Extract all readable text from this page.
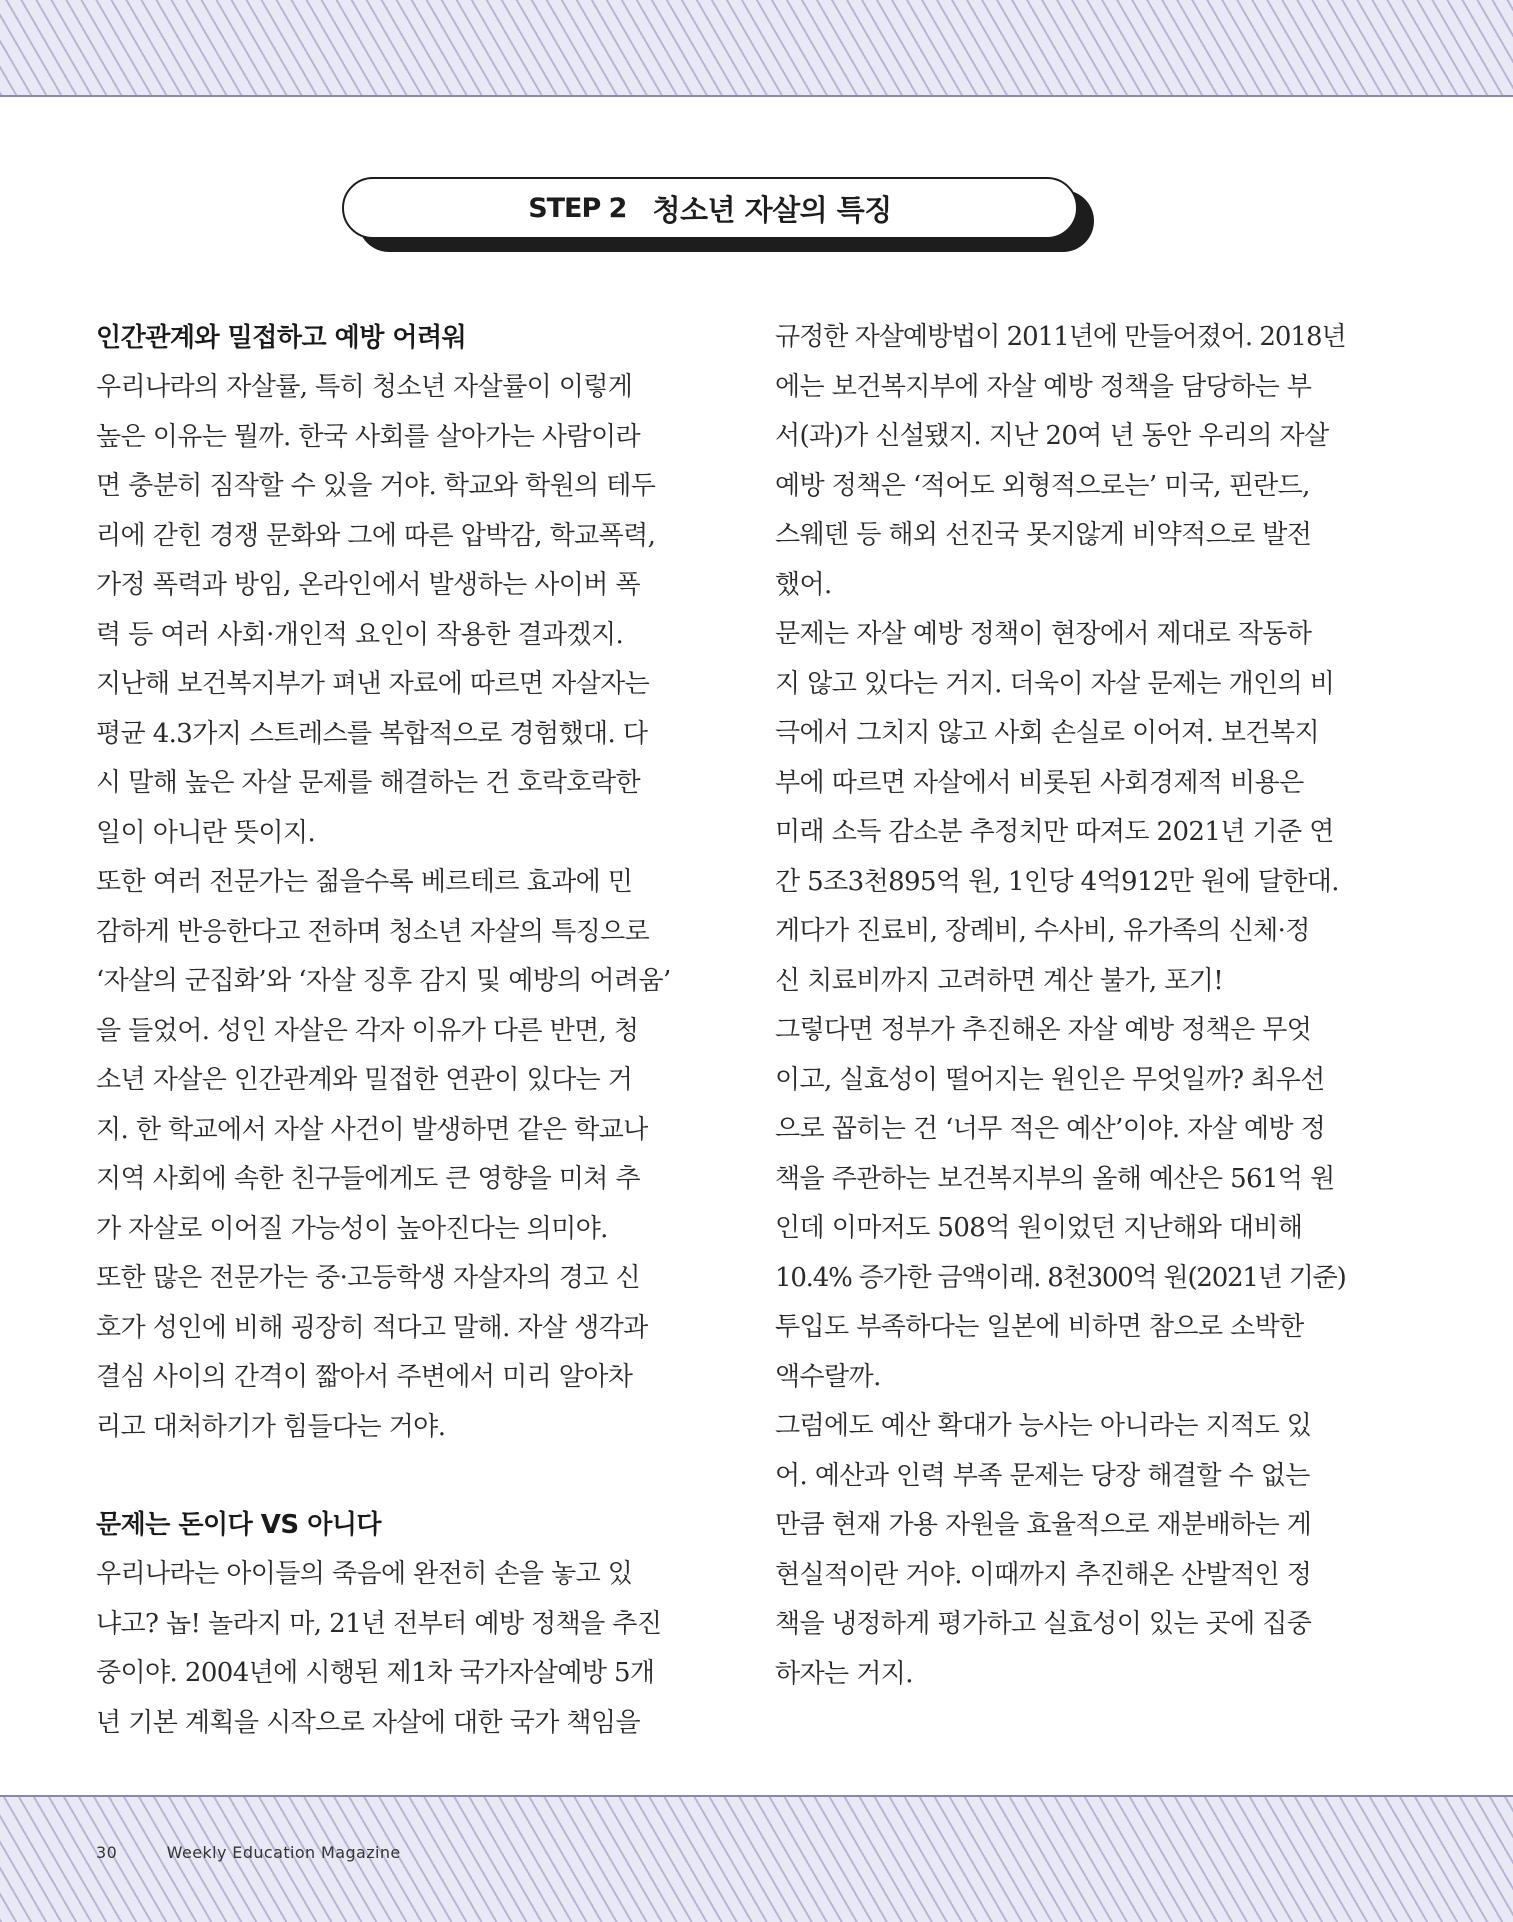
STEP 2 청소년 자살의 특징
인간관계와 밀접하고 예방 어려워
우리나라의 자살률, 특히 청소년 자살률이 이렇게
높은 이유는 뭘까. 한국 사회를 살아가는 사람이라
면 충분히 짐작할 수 있을 거야. 학교와 학원의 테두
리에 갇힌 경쟁 문화와 그에 따른 압박감, 학교폭력,
가정 폭력과 방임, 온라인에서 발생하는 사이버 폭
력 등 여러 사회·개인적 요인이 작용한 결과겠지.
지난해 보건복지부가 펴낸 자료에 따르면 자살자는
평균 4.3가지 스트레스를 복합적으로 경험했대. 다
시 말해 높은 자살 문제를 해결하는 건 호락호락한
일이 아니란 뜻이지.
또한 여러 전문가는 젊을수록 베르테르 효과에 민
감하게 반응한다고 전하며 청소년 자살의 특징으로
‘자살의 군집화’와 ‘자살 징후 감지 및 예방의 어려움’
을 들었어. 성인 자살은 각자 이유가 다른 반면, 청
소년 자살은 인간관계와 밀접한 연관이 있다는 거
지. 한 학교에서 자살 사건이 발생하면 같은 학교나
지역 사회에 속한 친구들에게도 큰 영향을 미쳐 추
가 자살로 이어질 가능성이 높아진다는 의미야.
또한 많은 전문가는 중·고등학생 자살자의 경고 신
호가 성인에 비해 굉장히 적다고 말해. 자살 생각과
결심 사이의 간격이 짧아서 주변에서 미리 알아차
리고 대처하기가 힘들다는 거야.
문제는 돈이다 VS 아니다
우리나라는 아이들의 죽음에 완전히 손을 놓고 있
냐고? 놉! 놀라지 마, 21년 전부터 예방 정책을 추진
중이야. 2004년에 시행된 제1차 국가자살예방 5개
년 기본 계획을 시작으로 자살에 대한 국가 책임을
규정한 자살예방법이 2011년에 만들어졌어. 2018년
에는 보건복지부에 자살 예방 정책을 담당하는 부
서(과)가 신설됐지. 지난 20여 년 동안 우리의 자살
예방 정책은 ‘적어도 외형적으로는’ 미국, 핀란드,
스웨덴 등 해외 선진국 못지않게 비약적으로 발전
했어.
문제는 자살 예방 정책이 현장에서 제대로 작동하
지 않고 있다는 거지. 더욱이 자살 문제는 개인의 비
극에서 그치지 않고 사회 손실로 이어져. 보건복지
부에 따르면 자살에서 비롯된 사회경제적 비용은
미래 소득 감소분 추정치만 따져도 2021년 기준 연
간 5조3천895억 원, 1인당 4억912만 원에 달한대.
게다가 진료비, 장례비, 수사비, 유가족의 신체·정
신 치료비까지 고려하면 계산 불가, 포기!
그렇다면 정부가 추진해온 자살 예방 정책은 무엇
이고, 실효성이 떨어지는 원인은 무엇일까? 최우선
으로 꼽히는 건 ‘너무 적은 예산’이야. 자살 예방 정
책을 주관하는 보건복지부의 올해 예산은 561억 원
인데 이마저도 508억 원이었던 지난해와 대비해
10.4% 증가한 금액이래. 8천300억 원(2021년 기준)
투입도 부족하다는 일본에 비하면 참으로 소박한
액수랄까.
그럼에도 예산 확대가 능사는 아니라는 지적도 있
어. 예산과 인력 부족 문제는 당장 해결할 수 없는
만큼 현재 가용 자원을 효율적으로 재분배하는 게
현실적이란 거야. 이때까지 추진해온 산발적인 정
책을 냉정하게 평가하고 실효성이 있는 곳에 집중
하자는 거지.
30	Weekly Education Magazine
